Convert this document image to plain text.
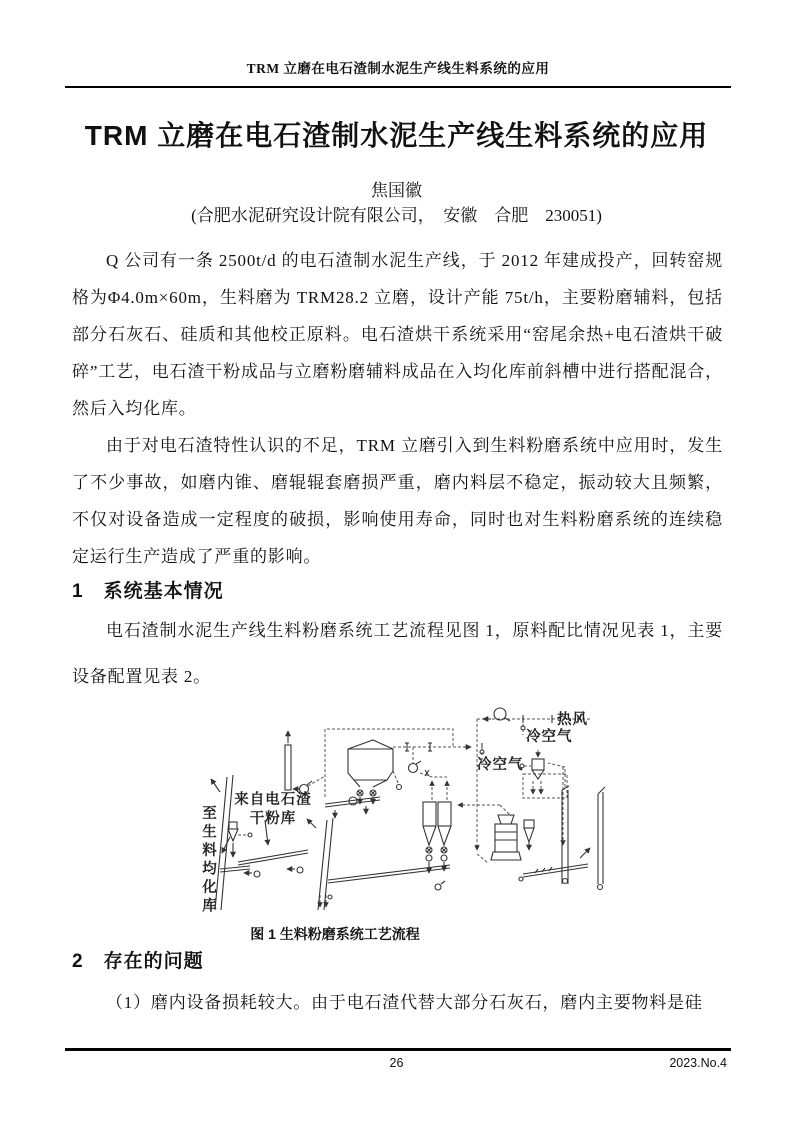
TRM 立磨在电石渣制水泥生产线生料系统的应用
TRM 立磨在电石渣制水泥生产线生料系统的应用
焦国徽
(合肥水泥研究设计院有限公司，　安徽　合肥　230051)

Q 公司有一条 2500t/d 的电石渣制水泥生产线，于 2012 年建成投产，回转窑规格为Φ4.0m×60m，生料磨为 TRM28.2 立磨，设计产能 75t/h，主要粉磨辅料，包括部分石灰石、硅质和其他校正原料。电石渣烘干系统采用“窑尾余热+电石渣烘干破碎”工艺，电石渣干粉成品与立磨粉磨辅料成品在入均化库前斜槽中进行搭配混合，然后入均化库。

由于对电石渣特性认识的不足，TRM 立磨引入到生料粉磨系统中应用时，发生了不少事故，如磨内锥、磨辊辊套磨损严重，磨内料层不稳定，振动较大且频繁，不仅对设备造成一定程度的破损，影响使用寿命，同时也对生料粉磨系统的连续稳定运行生产造成了严重的影响。

1　系统基本情况

电石渣制水泥生产线生料粉磨系统工艺流程见图 1，原料配比情况见表 1，主要设备配置见表 2。

热风
冷空气
冷空气
来自电石渣
干粉库
至生料均化库
图 1 生料粉磨系统工艺流程
2　存在的问题

（1）磨内设备损耗较大。由于电石渣代替大部分石灰石，磨内主要物料是硅

26	2023.No.4
